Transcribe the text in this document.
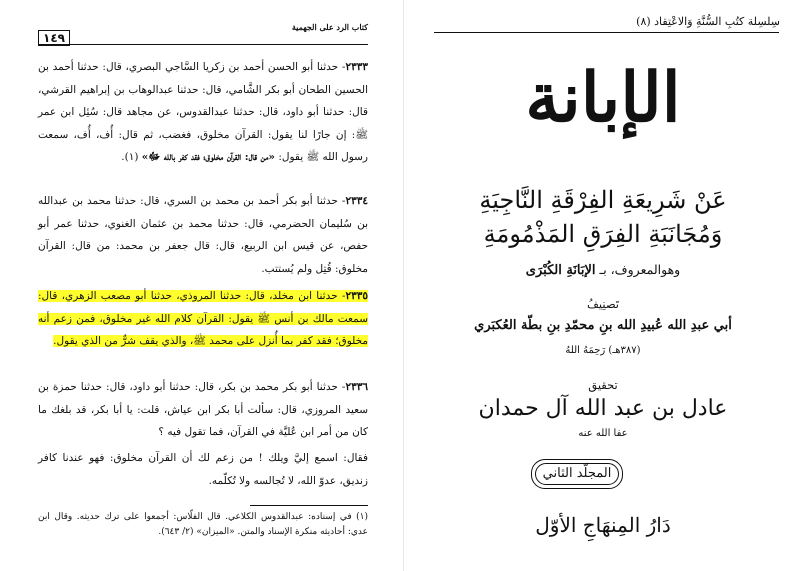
كتاب الرد على الجهمية
١٤٩
٢٣٣٣- حدثنا أبو الحسن أحمد بن زكريا السَّاجي البصري، قال: حدثنا أحمد بن الحسين الطحان أبو بكر الشَّامي، قال: حدثنا عبدالوهاب بن إبراهيم القرشي، قال: حدثنا أبو داود، قال: حدثنا عبدالقدوس، عن مجاهد قال: سُئِل ابن عمر ﷺ: إن جارًا لنا يقول: القرآن مخلوق، فغضب، ثم قال: أُف، أُف، سمعت رسول الله ﷺ يقول: «من قال: القرآن مخلوق؛ فقد كفر بالله ﷻ» (١).
٢٣٣٤- حدثنا أبو بكر أحمد بن محمد بن السري، قال: حدثنا محمد بن عبدالله بن سُليمان الحضرمي، قال: حدثنا محمد بن عثمان الغنوي، حدثنا عمر أبو حفص، عن قيس ابن الربيع، قال: قال جعفر بن محمد: من قال: القرآن مخلوق: قُتِل ولم يُستتب.
٢٣٣٥- حدثنا ابن مخلد، قال: حدثنا المروذي، حدثنا أبو مصعب الزهري، قال: سمعت مالك بن أنس ﷺ يقول: القرآن كلام الله غير مخلوق، فمن زعم أنه مخلوق؛ فقد كفر بما أُنزل على محمد ﷺ، والذي يقف شرٌّ من الذي يقول.
٢٣٣٦- حدثنا أبو بكر محمد بن بكر، قال: حدثنا أبو داود، قال: حدثنا حمزة بن سعيد المروزي، قال: سألت أبا بكر ابن عياش، قلت: يا أبا بكر، قد بلغك ما كان من أمر ابن عُليَّة في القرآن، فما تقول فيه ؟
فقال: اسمع إليَّ ويلك ! من زعم لك أن القرآن مخلوق: فهو عندنا كافر زنديق، عدوّ الله، لا تُجالسه ولا تُكلّمه.
(١) في إسناده: عبدالقدوس الكلاعي. قال الفلّاس: أجمعوا على ترك حديثه. وقال ابن عدي: أحاديثه منكرة الإسناد والمتن. «الميزان» (٢/ ٦٤٣).
سِلسِلة كتُبِ السُّنَّةِ وَالاعْتِقاد (٨)
الإبانة
عَنْ شَرِيعَةِ الفِرْقَةِ النَّاجِيَةِ
وَمُجَانَبَةِ الفِرَقِ المَذْمُومَةِ
وهوالمعروف، بـ الإبَانَةِ الكُبْرَى
تَصنِيفُ
أبي عبدِ الله عُبيدِ الله بنِ محمّدِ بنِ بطّة العُكبَري
(٣٨٧هـ) رَحِمَهُ اللهُ
تحقيق
عادل بن عبد الله آل حمدان
عفا الله عنه
المجلّد الثاني
دَارُ المِنهَاجِ الأوّل
